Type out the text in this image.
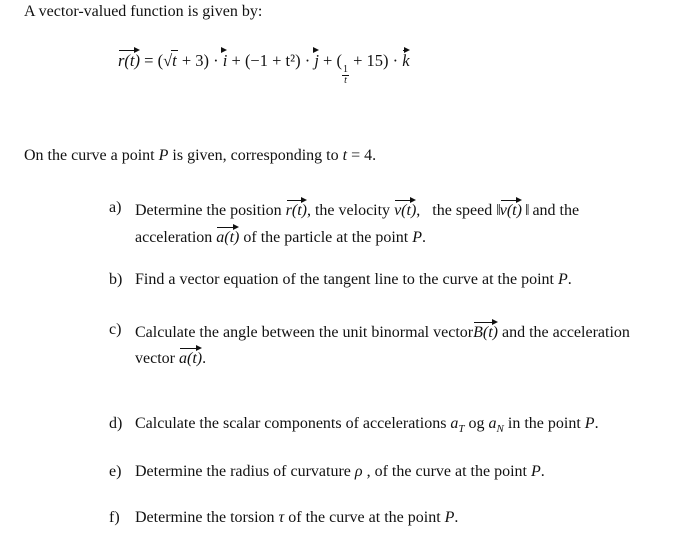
A vector-valued function is given by:
r(t) = (√t + 3) · i + (−1 + t²) · j + (
$\frac{1}{t}$
+ 15) · k
On the curve a point P is given, corresponding to t = 4.
a) Determine the position r(t), the velocity v(t),   the speed ‖v(t) ‖ and the
acceleration a(t) of the particle at the point P.
b) Find a vector equation of the tangent line to the curve at the point P.
c) Calculate the angle between the unit binormal vectorB(t) and the acceleration
vector a(t).
d) Calculate the scalar components of accelerations $a_T$ og $a_N$ in the point P.
e) Determine the radius of curvature ρ , of the curve at the point P.
f) Determine the torsion τ of the curve at the point P.
